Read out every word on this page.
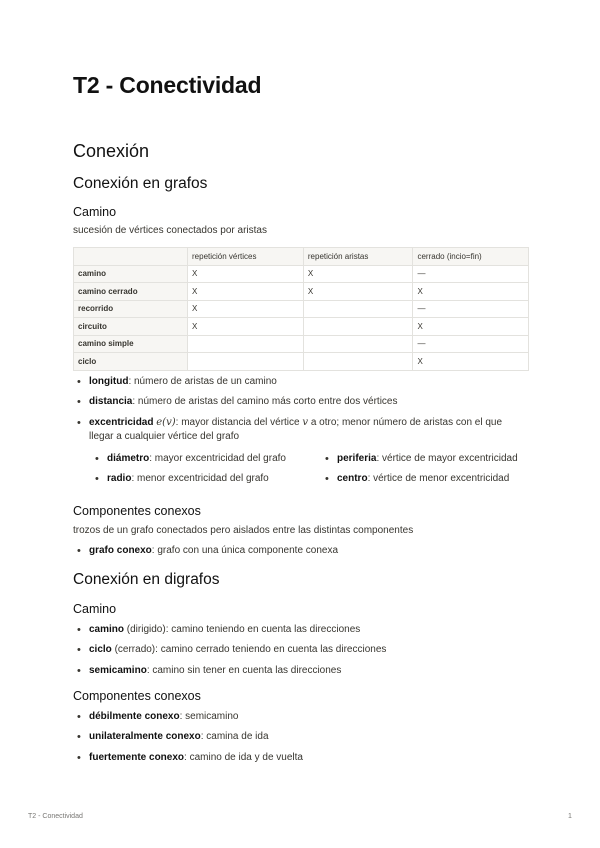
T2 - Conectividad
Conexión
Conexión en grafos
Camino

sucesión de vértices conectados por aristas

	repetición vértices	repetición aristas	cerrado (incio=fin)
camino	X	X	—
camino cerrado	X	X	X
recorrido	X		—
circuito	X		X
camino simple			—
ciclo			X
• longitud: número de aristas de un camino
• distancia: número de aristas del camino más corto entre dos vértices
• excentricidad e(v): mayor distancia del vértice v a otro; menor número de aristas con el que llegar a cualquier vértice del grafo
• diámetro: mayor excentricidad del grafo
• radio: menor excentricidad del grafo
• periferia: vértice de mayor excentricidad
• centro: vértice de menor excentricidad
Componentes conexos

trozos de un grafo conectados pero aislados entre las distintas componentes

• grafo conexo: grafo con una única componente conexa
Conexión en digrafos
Camino
• camino (dirigido): camino teniendo en cuenta las direcciones
• ciclo (cerrado): camino cerrado teniendo en cuenta las direcciones
• semicamino: camino sin tener en cuenta las direcciones
Componentes conexos
• débilmente conexo: semicamino
• unilateralmente conexo: camina de ida
• fuertemente conexo: camino de ida y de vuelta
T2 - Conectividad	1
